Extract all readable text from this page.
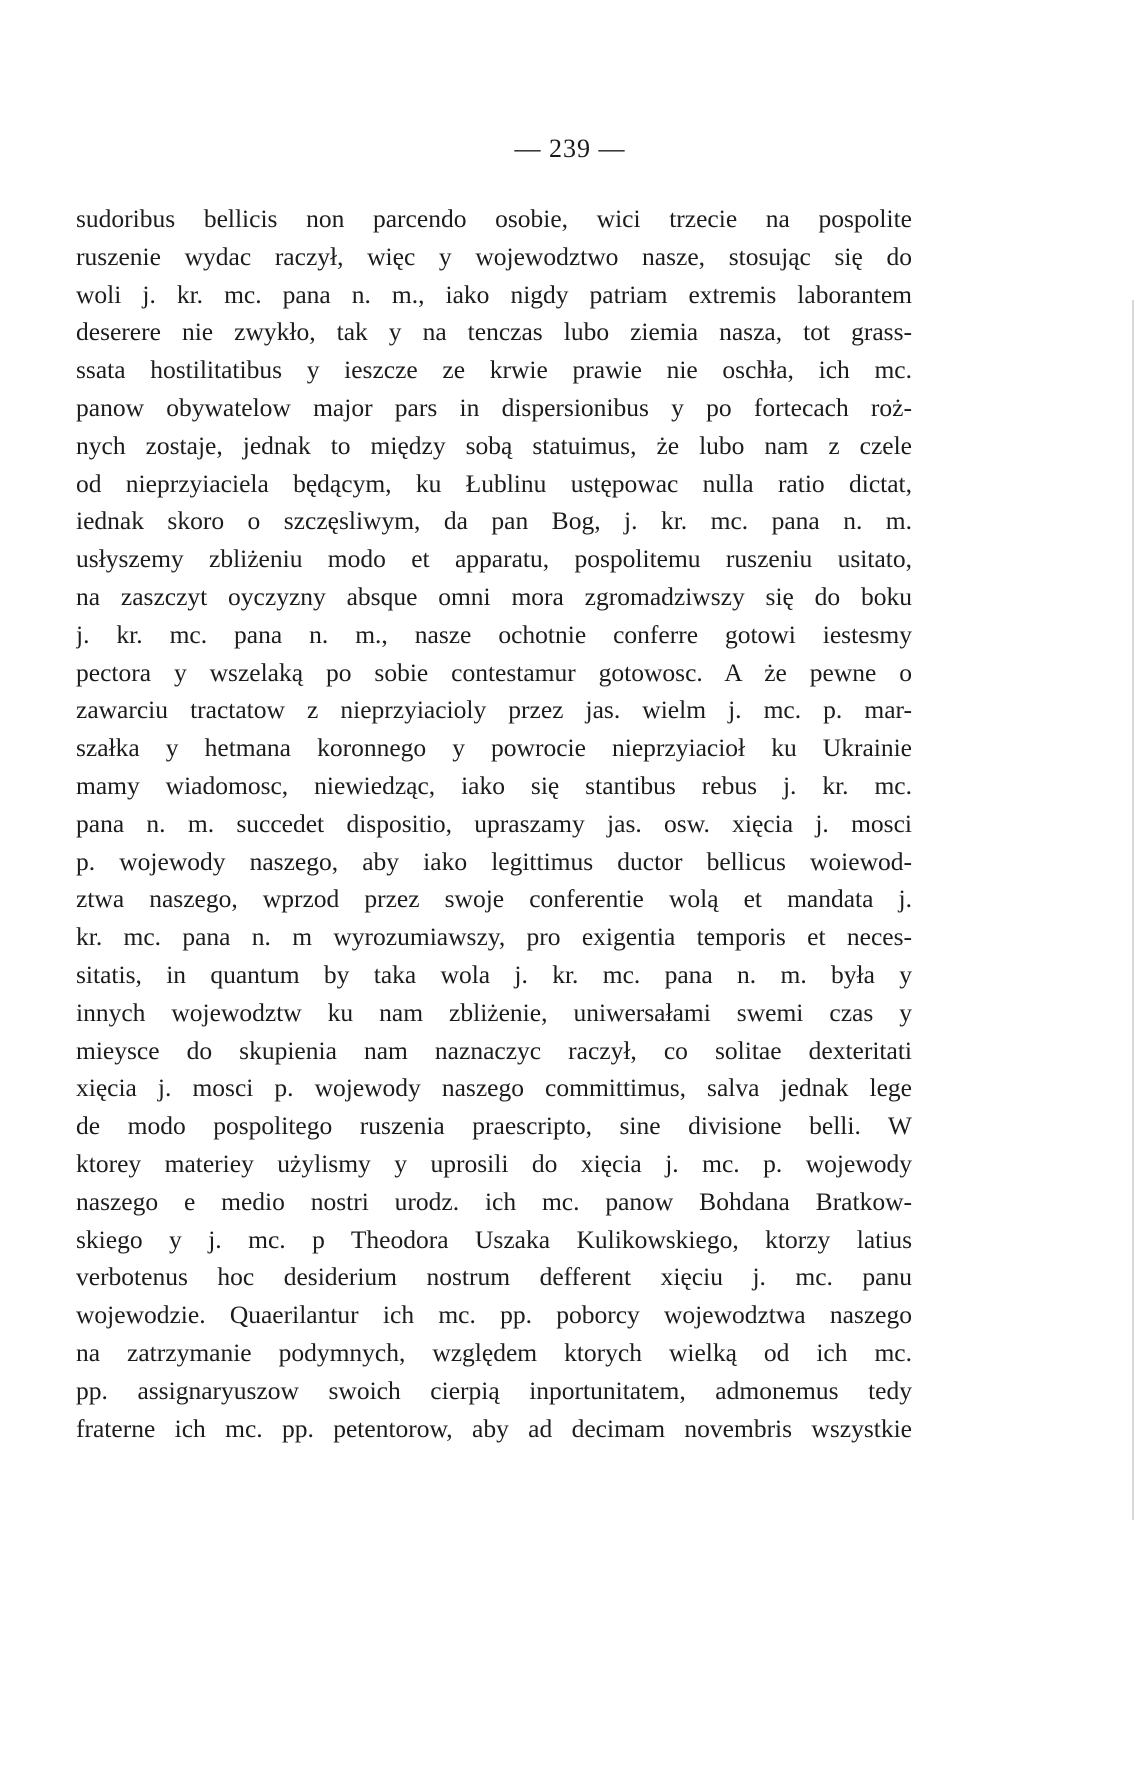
— 239 —
sudoribus bellicis non parcendo osobie, wici trzecie na pospolite
ruszenie wydac raczył, więc y wojewodztwo nasze, stosując się do
woli j. kr. mc. pana n. m., iako nigdy patriam extremis laborantem
deserere nie zwykło, tak y na tenczas lubo ziemia nasza, tot grass-
ssata hostilitatibus y ieszcze ze krwie prawie nie oschła, ich mc.
panow obywatelow major pars in dispersionibus y po fortecach roż-
nych zostaje, jednak to między sobą statuimus, że lubo nam z czele
od nieprzyiaciela będącym, ku Łublinu ustępowac nulla ratio dictat,
iednak skoro o szczęsliwym, da pan Bog, j. kr. mc. pana n. m.
usłyszemy zbliżeniu modo et apparatu, pospolitemu ruszeniu usitato,
na zaszczyt oyczyzny absque omni mora zgromadziwszy się do boku
j. kr. mc. pana n. m., nasze ochotnie conferre gotowi iestesmy
pectora y wszelaką po sobie contestamur gotowosc. A że pewne o
zawarciu tractatow z nieprzyiacioly przez jas. wielm j. mc. p. mar-
szałka y hetmana koronnego y powrocie nieprzyiacioł ku Ukrainie
mamy wiadomosc, niewiedząc, iako się stantibus rebus j. kr. mc.
pana n. m. succedet dispositio, upraszamy jas. osw. xięcia j. mosci
p. wojewody naszego, aby iako legittimus ductor bellicus woiewod-
ztwa naszego, wprzod przez swoje conferentie wolą et mandata j.
kr. mc. pana n. m wyrozumiawszy, pro exigentia temporis et neces-
sitatis, in quantum by taka wola j. kr. mc. pana n. m. była y
innych wojewodztw ku nam zbliżenie, uniwersałami swemi czas y
mieysce do skupienia nam naznaczyc raczył, co solitae dexteritati
xięcia j. mosci p. wojewody naszego committimus, salva jednak lege
de modo pospolitego ruszenia praescripto, sine divisione belli. W
ktorey materiey użylismy y uprosili do xięcia j. mc. p. wojewody
naszego e medio nostri urodz. ich mc. panow Bohdana Bratkow-
skiego y j. mc. p Theodora Uszaka Kulikowskiego, ktorzy latius
verbotenus hoc desiderium nostrum defferent xięciu j. mc. panu
wojewodzie. Quaerilantur ich mc. pp. poborcy wojewodztwa naszego
na zatrzymanie podymnych, względem ktorych wielką od ich mc.
pp. assignaryuszow swoich cierpią inportunitatem, admonemus tedy
fraterne ich mc. pp. petentorow, aby ad decimam novembris wszystkie
